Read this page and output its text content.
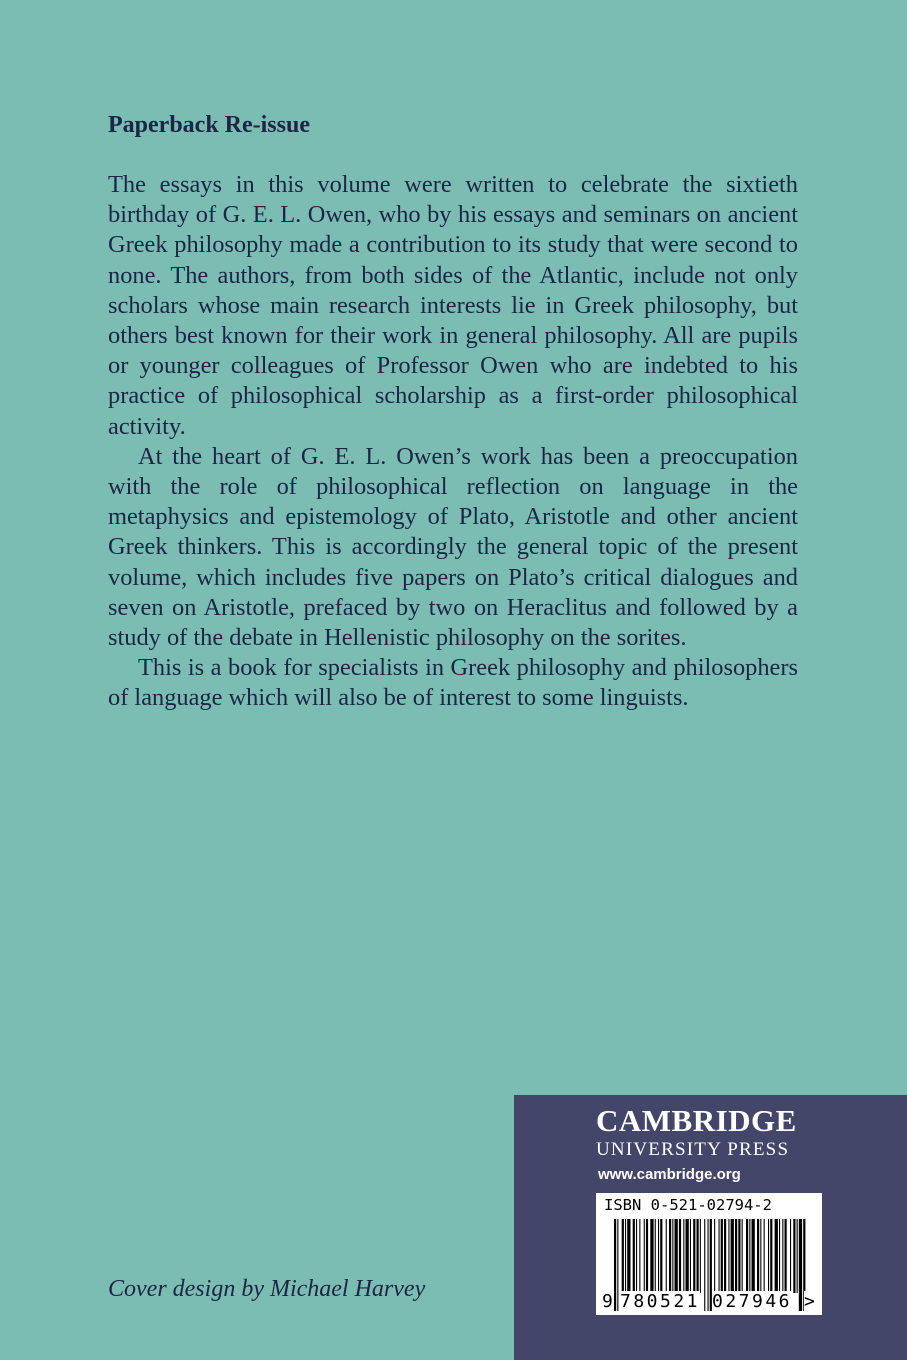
Paperback Re-issue

The essays in this volume were written to celebrate the sixtieth birthday of G. E. L. Owen, who by his essays and seminars on ancient Greek philosophy made a contribution to its study that were second to none. The authors, from both sides of the Atlantic, include not only scholars whose main research interests lie in Greek philosophy, but others best known for their work in general philosophy. All are pupils or younger colleagues of Professor Owen who are indebted to his practice of philosophical scholarship as a first-order philosophical activity.

At the heart of G. E. L. Owen’s work has been a preoccupation with the role of philosophical reflection on language in the metaphysics and epistemology of Plato, Aristotle and other ancient Greek thinkers. This is accordingly the general topic of the present volume, which includes five papers on Plato’s critical dialogues and seven on Aristotle, prefaced by two on Heraclitus and followed by a study of the debate in Hellenistic philosophy on the sorites.

This is a book for specialists in Greek philosophy and philosophers of language which will also be of interest to some linguists.

Cover design by Michael Harvey
CAMBRIDGE
UNIVERSITY PRESS
www.cambridge.org
ISBN 0-521-02794-2
9 780521 027946 >
